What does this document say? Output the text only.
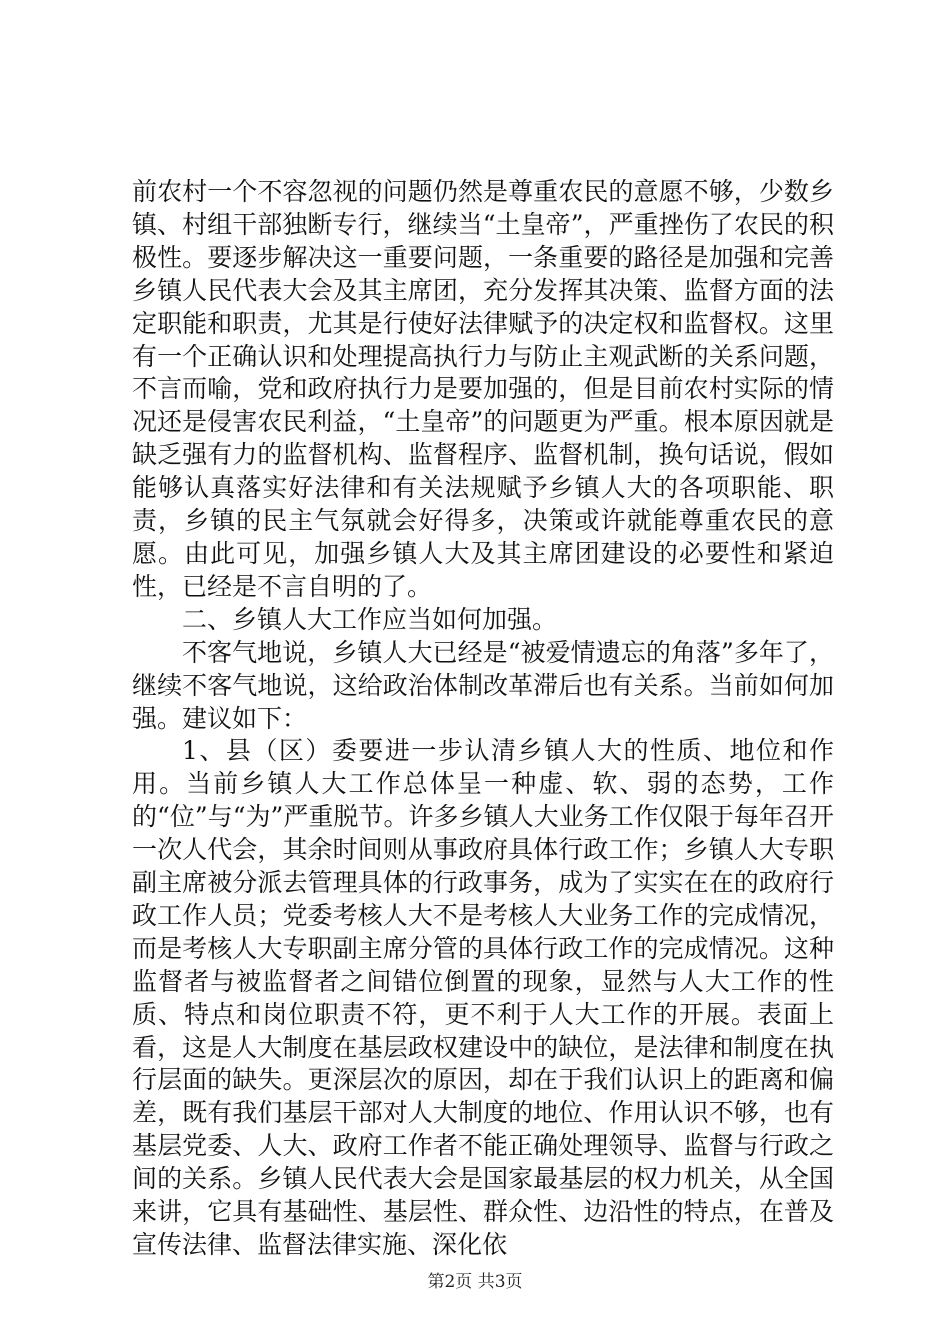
前农村一个不容忽视的问题仍然是尊重农民的意愿不够，少数乡镇、村组干部独断专行，继续当“土皇帝”，严重挫伤了农民的积极性。要逐步解决这一重要问题，一条重要的路径是加强和完善乡镇人民代表大会及其主席团，充分发挥其决策、监督方面的法定职能和职责，尤其是行使好法律赋予的决定权和监督权。这里有一个正确认识和处理提高执行力与防止主观武断的关系问题，不言而喻，党和政府执行力是要加强的，但是目前农村实际的情况还是侵害农民利益，“土皇帝”的问题更为严重。根本原因就是缺乏强有力的监督机构、监督程序、监督机制，换句话说，假如能够认真落实好法律和有关法规赋予乡镇人大的各项职能、职责，乡镇的民主气氛就会好得多，决策或许就能尊重农民的意愿。由此可见，加强乡镇人大及其主席团建设的必要性和紧迫性，已经是不言自明的了。

二、乡镇人大工作应当如何加强。

不客气地说，乡镇人大已经是“被爱情遗忘的角落”多年了，继续不客气地说，这给政治体制改革滞后也有关系。当前如何加强。建议如下：

1、县（区）委要进一步认清乡镇人大的性质、地位和作用。当前乡镇人大工作总体呈一种虚、软、弱的态势，工作的“位”与“为”严重脱节。许多乡镇人大业务工作仅限于每年召开一次人代会，其余时间则从事政府具体行政工作；乡镇人大专职副主席被分派去管理具体的行政事务，成为了实实在在的政府行政工作人员；党委考核人大不是考核人大业务工作的完成情况，而是考核人大专职副主席分管的具体行政工作的完成情况。这种监督者与被监督者之间错位倒置的现象，显然与人大工作的性质、特点和岗位职责不符，更不利于人大工作的开展。表面上看，这是人大制度在基层政权建设中的缺位，是法律和制度在执行层面的缺失。更深层次的原因，却在于我们认识上的距离和偏差，既有我们基层干部对人大制度的地位、作用认识不够，也有基层党委、人大、政府工作者不能正确处理领导、监督与行政之间的关系。乡镇人民代表大会是国家最基层的权力机关，从全国来讲，它具有基础性、基层性、群众性、边沿性的特点，在普及宣传法律、监督法律实施、深化依

第2页 共3页
